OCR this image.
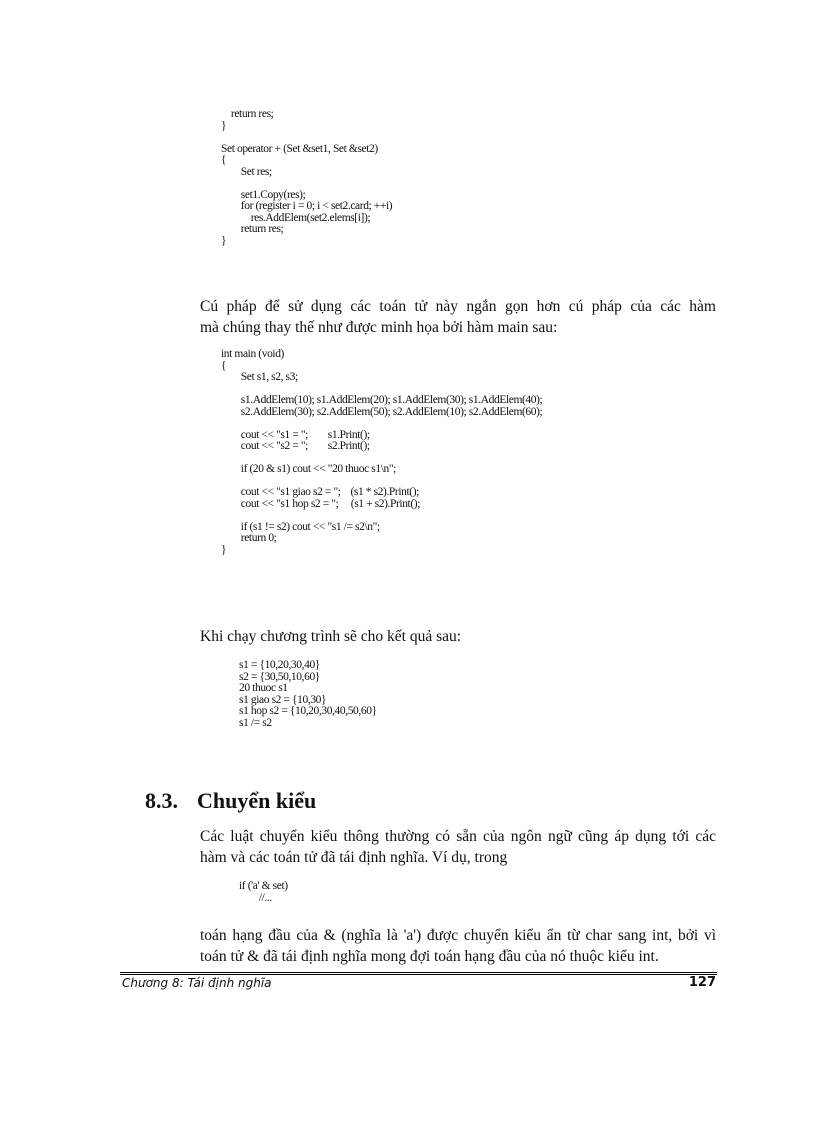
return res;
}
Set operator + (Set &set1, Set &set2)
{
Set res;
set1.Copy(res);
for (register i = 0; i < set2.card; ++i)
res.AddElem(set2.elems[i]);
return res;
}

Cú pháp để sử dụng các toán tử này ngắn gọn hơn cú pháp của các hàm
mà chúng thay thế như được minh họa bởi hàm main sau:

int main (void)
{
Set s1, s2, s3;
s1.AddElem(10); s1.AddElem(20); s1.AddElem(30); s1.AddElem(40);
s2.AddElem(30); s2.AddElem(50); s2.AddElem(10); s2.AddElem(60);
cout << "s1 = ";        s1.Print();
cout << "s2 = ";        s2.Print();
if (20 & s1) cout << "20 thuoc s1\n";
cout << "s1 giao s2 = ";    (s1 * s2).Print();
cout << "s1 hop s2 = ";     (s1 + s2).Print();
if (s1 != s2) cout << "s1 /= s2\n";
return 0;
}

Khi chạy chương trình sẽ cho kết quả sau:

s1 = {10,20,30,40}
s2 = {30,50,10,60}
20 thuoc s1
s1 giao s2 = {10,30}
s1 hop s2 = {10,20,30,40,50,60}
s1 /= s2
8.3. Chuyển kiểu

Các luật chuyển kiểu thông thường có sẵn của ngôn ngữ cũng áp dụng tới các
hàm và các toán tử đã tái định nghĩa. Ví dụ, trong

if ('a' & set)
//...

toán hạng đầu của & (nghĩa là 'a') được chuyển kiểu ẩn từ char sang int, bởi vì
toán tử & đã tái định nghĩa mong đợi toán hạng đầu của nó thuộc kiểu int.

Chương 8: Tái định nghĩa	127
